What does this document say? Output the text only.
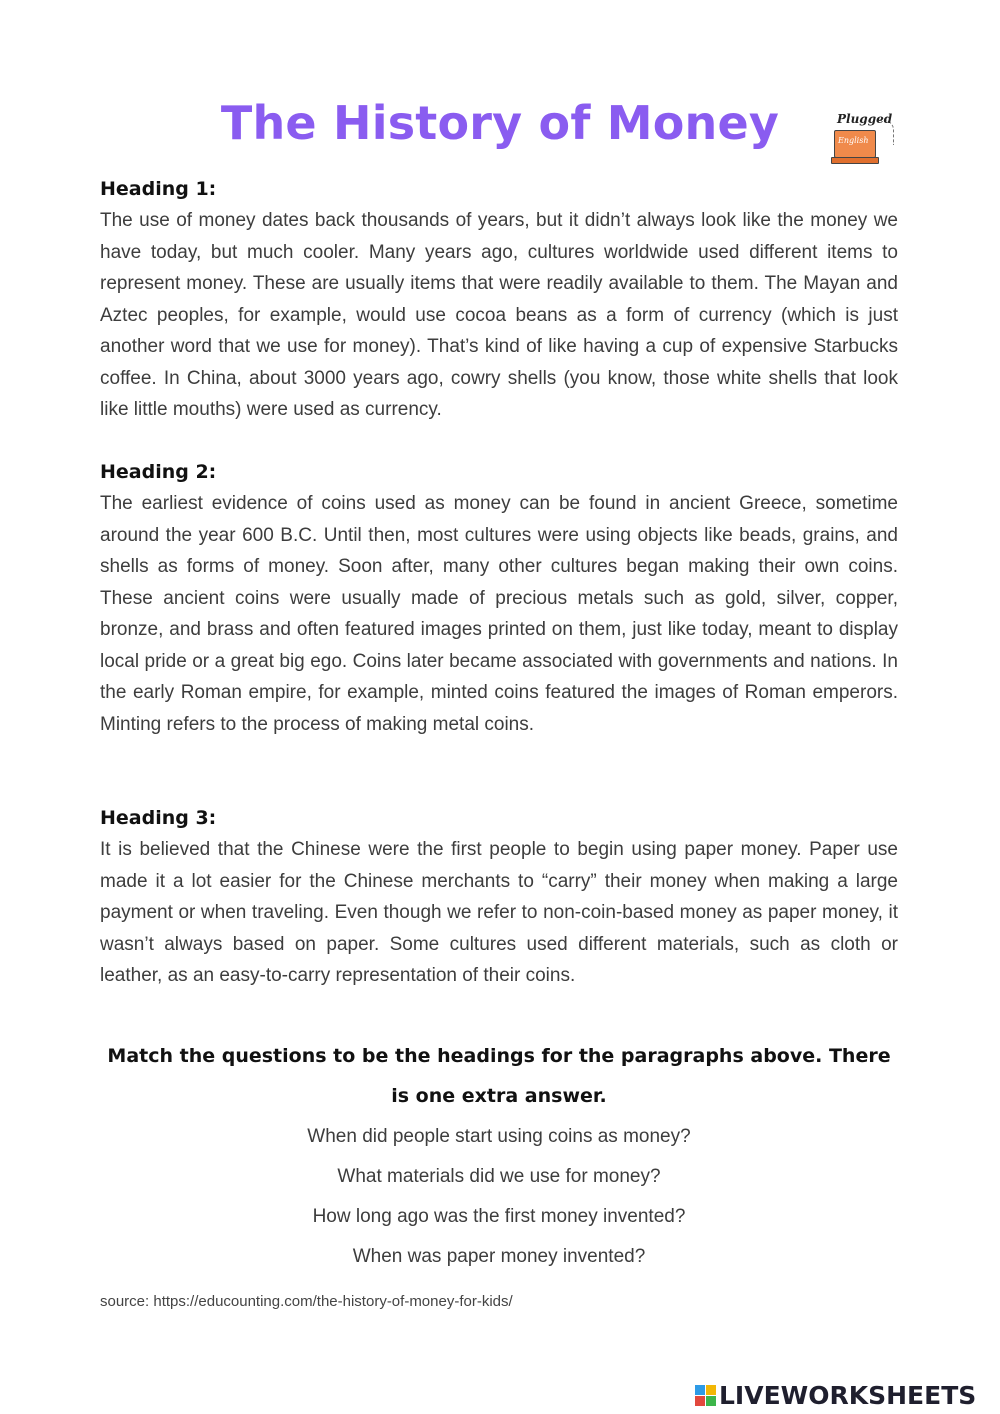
The History of Money	Plugged
English
Heading 1:
The use of money dates back thousands of years, but it didn’t always look like the money we have today, but much cooler. Many years ago, cultures worldwide used different items to represent money. These are usually items that were readily available to them. The Mayan and Aztec peoples, for example, would use cocoa beans as a form of currency (which is just another word that we use for money). That’s kind of like having a cup of expensive Starbucks coffee. In China, about 3000 years ago, cowry shells (you know, those white shells that look like little mouths) were used as currency.
Heading 2:
The earliest evidence of coins used as money can be found in ancient Greece, sometime around the year 600 B.C. Until then, most cultures were using objects like beads, grains, and shells as forms of money. Soon after, many other cultures began making their own coins. These ancient coins were usually made of precious metals such as gold, silver, copper, bronze, and brass and often featured images printed on them, just like today, meant to display local pride or a great big ego. Coins later became associated with governments and nations. In the early Roman empire, for example, minted coins featured the images of Roman emperors. Minting refers to the process of making metal coins.
Heading 3:
It is believed that the Chinese were the first people to begin using paper money. Paper use made it a lot easier for the Chinese merchants to “carry” their money when making a large payment or when traveling. Even though we refer to non-coin-based money as paper money, it wasn’t always based on paper. Some cultures used different materials, such as cloth or leather, as an easy-to-carry representation of their coins.
Match the questions to be the headings for the paragraphs above. There is one extra answer.
When did people start using coins as money?
What materials did we use for money?
How long ago was the first money invented?
When was paper money invented?
source: https://educounting.com/the-history-of-money-for-kids/
LIVEWORKSHEETS
